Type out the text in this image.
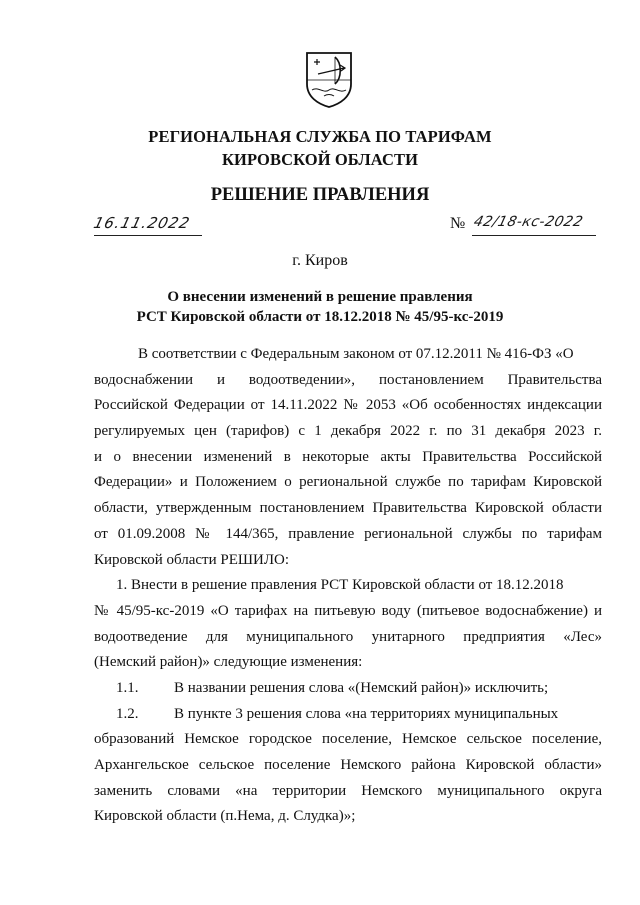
РЕГИОНАЛЬНАЯ СЛУЖБА ПО ТАРИФАМ
КИРОВСКОЙ ОБЛАСТИ
РЕШЕНИЕ ПРАВЛЕНИЯ
16.11.2022	№ 42/18-кс-2022
г. Киров
О внесении изменений в решение правления
РСТ Кировской области от 18.12.2018 № 45/95-кс-2019
В соответствии с Федеральным законом от 07.12.2011 № 416-ФЗ «О
водоснабжении и водоотведении», постановлением Правительства
Российской Федерации от 14.11.2022 № 2053 «Об особенностях индексации
регулируемых цен (тарифов) с 1 декабря 2022 г. по 31 декабря 2023 г.
и о внесении изменений в некоторые акты Правительства Российской
Федерации» и Положением о региональной службе по тарифам Кировской
области, утвержденным постановлением Правительства Кировской области
от 01.09.2008 № 144/365, правление региональной службы по тарифам
Кировской области РЕШИЛО:
1. Внести в решение правления РСТ Кировской области от 18.12.2018
№ 45/95-кс-2019 «О тарифах на питьевую воду (питьевое водоснабжение) и
водоотведение для муниципального унитарного предприятия «Лес»
(Немский район)» следующие изменения:
1.1. В названии решения слова «(Немский район)» исключить;
1.2. В пункте 3 решения слова «на территориях муниципальных
образований Немское городское поселение, Немское сельское поселение,
Архангельское сельское поселение Немского района Кировской области»
заменить словами «на территории Немского муниципального округа
Кировской области (п.Нема, д. Слудка)»;
